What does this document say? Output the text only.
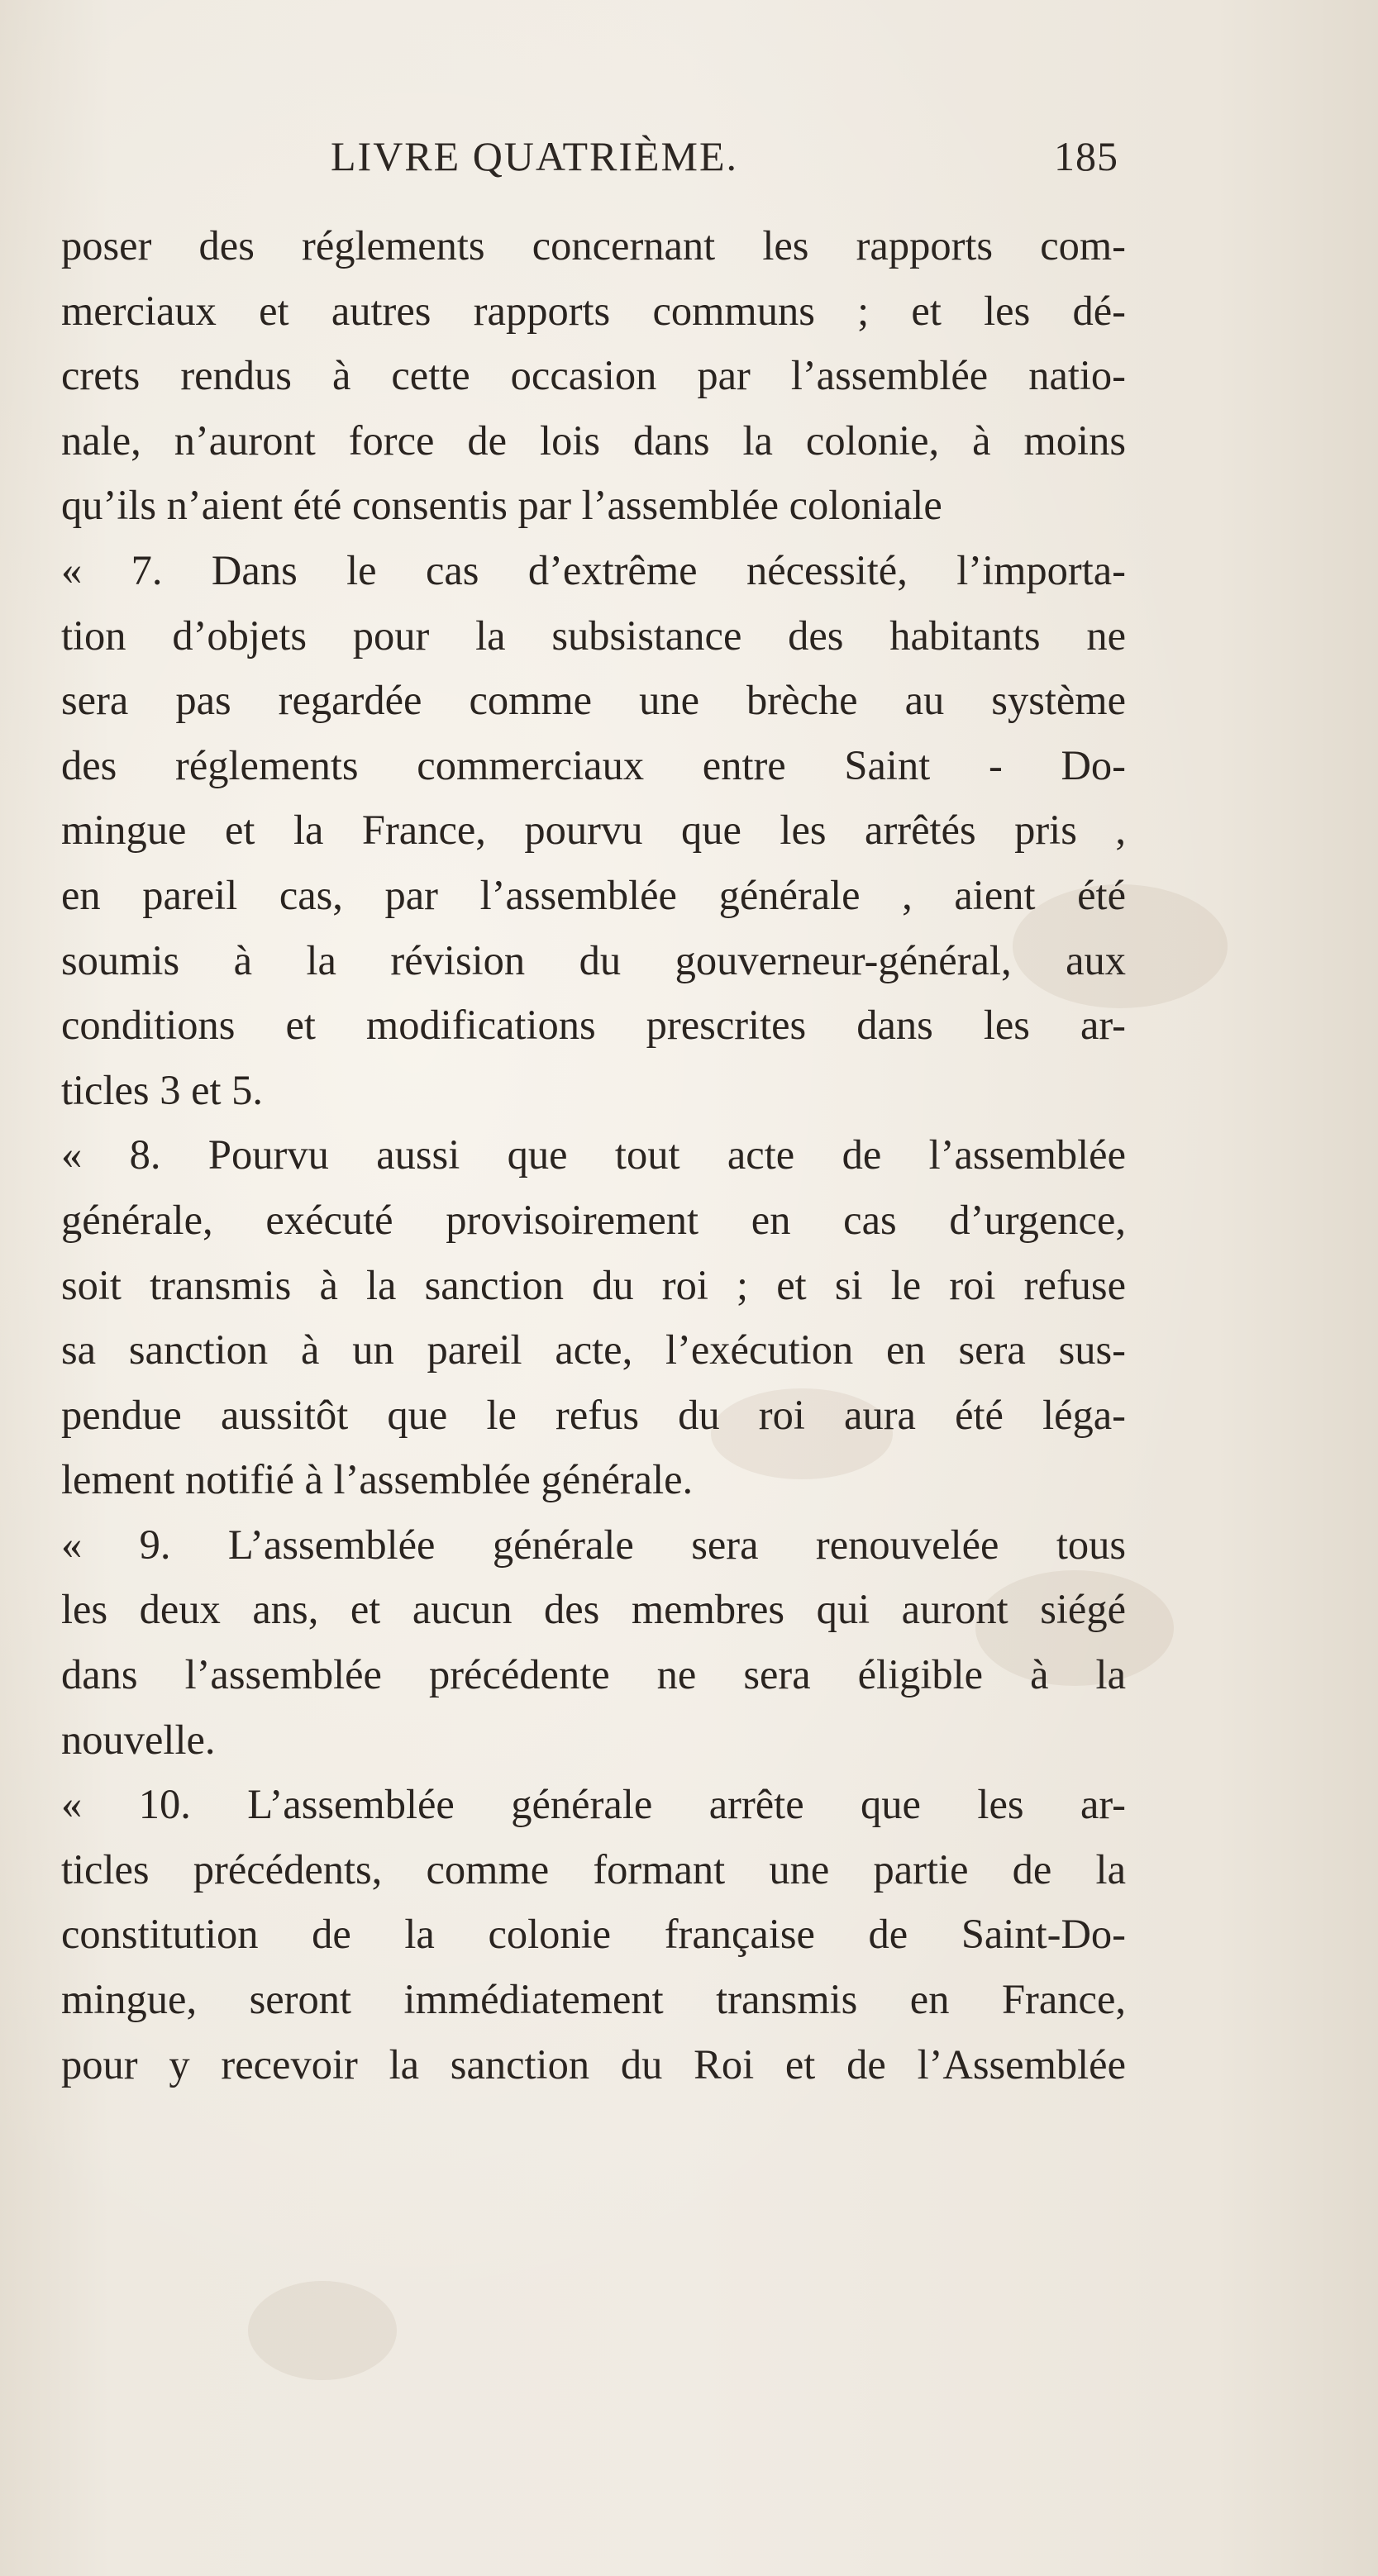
LIVRE QUATRIÈME.	185
poser des réglements concernant les rapports com-
merciaux et autres rapports communs ; et les dé-
crets rendus à cette occasion par l’assemblée natio-
nale, n’auront force de lois dans la colonie, à moins
qu’ils n’aient été consentis par l’assemblée coloniale
« 7. Dans le cas d’extrême nécessité, l’importa-
tion d’objets pour la subsistance des habitants ne
sera pas regardée comme une brèche au système
des réglements commerciaux entre Saint - Do-
mingue et la France, pourvu que les arrêtés pris ,
en pareil cas, par l’assemblée générale , aient été
soumis à la révision du gouverneur-général, aux
conditions et modifications prescrites dans les ar-
ticles 3 et 5.
« 8. Pourvu aussi que tout acte de l’assemblée
générale, exécuté provisoirement en cas d’urgence,
soit transmis à la sanction du roi ; et si le roi refuse
sa sanction à un pareil acte, l’exécution en sera sus-
pendue aussitôt que le refus du roi aura été léga-
lement notifié à l’assemblée générale.
« 9. L’assemblée générale sera renouvelée tous
les deux ans, et aucun des membres qui auront siégé
dans l’assemblée précédente ne sera éligible à la
nouvelle.
« 10. L’assemblée générale arrête que les ar-
ticles précédents, comme formant une partie de la
constitution de la colonie française de Saint-Do-
mingue, seront immédiatement transmis en France,
pour y recevoir la sanction du Roi et de l’Assemblée
